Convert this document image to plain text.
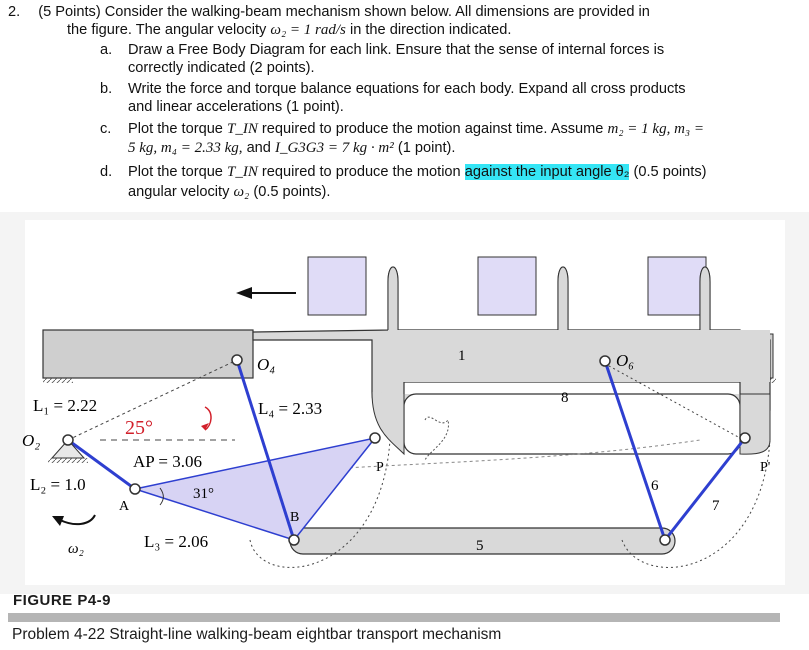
2. (5 Points) Consider the walking-beam mechanism shown below. All dimensions are provided in
the figure. The angular velocity ω₂ = 1 rad/s in the direction indicated.
a. Draw a Free Body Diagram for each link. Ensure that the sense of internal forces is
correctly indicated (2 points).
b. Write the force and torque balance equations for each body. Expand all cross products
and linear accelerations (1 point).
c. Plot the torque T_IN required to produce the motion against time. Assume m₂ = 1 kg, m₃ =
5 kg, m₄ = 2.33 kg, and I_G3G3 = 7 kg · m² (1 point).
d. Plot the torque T_IN required to produce the motion against the input angle θ₂ (0.5 points)
angular velocity ω₂ (0.5 points).
O₂
O₄	O₆
L₁ = 2.22
L₂ = 1.0
L₃ = 2.06
L₄ = 2.33
AP = 3.06
25°
31°
A
B
P	P'
1
5
6
7
8
ω₂
FIGURE P4-9
Problem 4-22 Straight-line walking-beam eightbar transport mechanism
